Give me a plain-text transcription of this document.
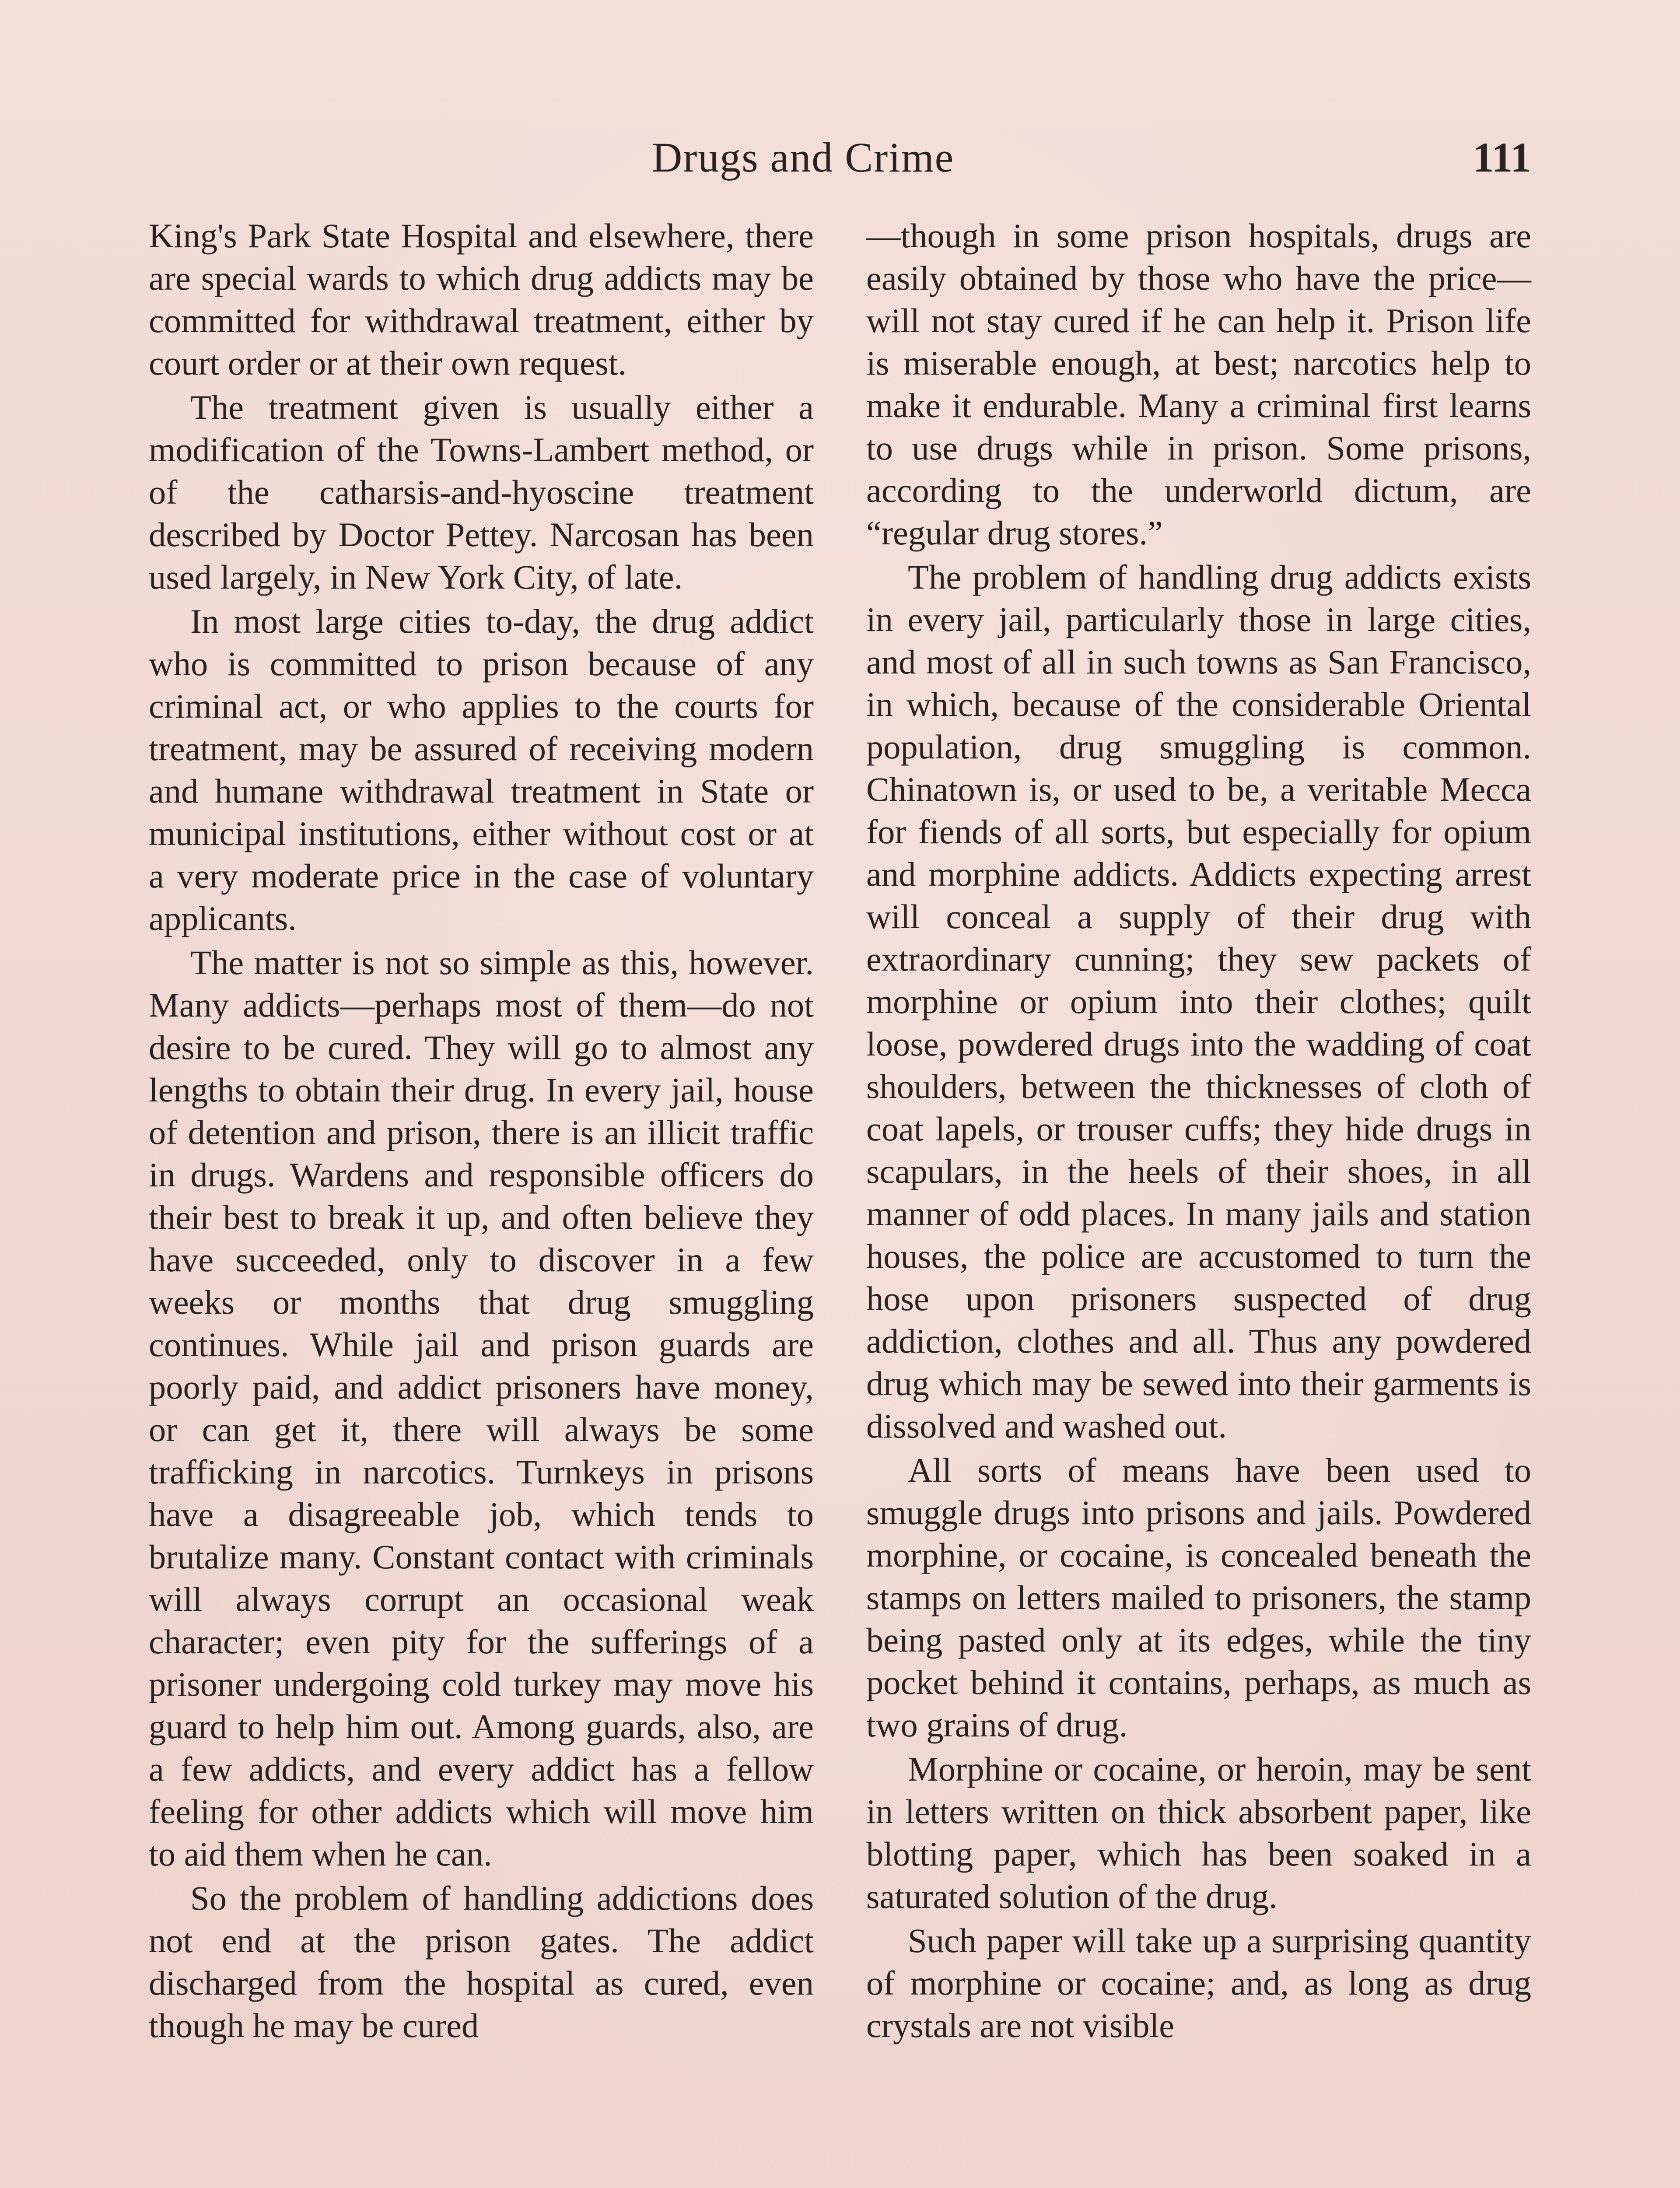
Drugs and Crime	111

King's Park State Hospital and elsewhere, there are special wards to which drug addicts may be committed for withdrawal treatment, either by court order or at their own request.

The treatment given is usually either a modification of the Towns-Lambert method, or of the catharsis-and-hyoscine treatment described by Doctor Pettey. Narcosan has been used largely, in New York City, of late.

In most large cities to-day, the drug addict who is committed to prison because of any criminal act, or who applies to the courts for treatment, may be assured of receiving modern and humane withdrawal treatment in State or municipal institutions, either without cost or at a very moderate price in the case of voluntary applicants.

The matter is not so simple as this, however. Many addicts—perhaps most of them—do not desire to be cured. They will go to almost any lengths to obtain their drug. In every jail, house of detention and prison, there is an illicit traffic in drugs. Wardens and responsible officers do their best to break it up, and often believe they have succeeded, only to discover in a few weeks or months that drug smuggling continues. While jail and prison guards are poorly paid, and addict prisoners have money, or can get it, there will always be some trafficking in narcotics. Turnkeys in prisons have a disagreeable job, which tends to brutalize many. Constant contact with criminals will always corrupt an occasional weak character; even pity for the sufferings of a prisoner undergoing cold turkey may move his guard to help him out. Among guards, also, are a few addicts, and every addict has a fellow feeling for other addicts which will move him to aid them when he can.

So the problem of handling addictions does not end at the prison gates. The addict discharged from the hospital as cured, even though he may be cured

—though in some prison hospitals, drugs are easily obtained by those who have the price—will not stay cured if he can help it. Prison life is miserable enough, at best; narcotics help to make it endurable. Many a criminal first learns to use drugs while in prison. Some prisons, according to the underworld dictum, are “regular drug stores.”

The problem of handling drug addicts exists in every jail, particularly those in large cities, and most of all in such towns as San Francisco, in which, because of the considerable Oriental population, drug smuggling is common. Chinatown is, or used to be, a veritable Mecca for fiends of all sorts, but especially for opium and morphine addicts. Addicts expecting arrest will conceal a supply of their drug with extraordinary cunning; they sew packets of morphine or opium into their clothes; quilt loose, powdered drugs into the wadding of coat shoulders, between the thicknesses of cloth of coat lapels, or trouser cuffs; they hide drugs in scapulars, in the heels of their shoes, in all manner of odd places. In many jails and station houses, the police are accustomed to turn the hose upon prisoners suspected of drug addiction, clothes and all. Thus any powdered drug which may be sewed into their garments is dissolved and washed out.

All sorts of means have been used to smuggle drugs into prisons and jails. Powdered morphine, or cocaine, is concealed beneath the stamps on letters mailed to prisoners, the stamp being pasted only at its edges, while the tiny pocket behind it contains, perhaps, as much as two grains of drug.

Morphine or cocaine, or heroin, may be sent in letters written on thick absorbent paper, like blotting paper, which has been soaked in a saturated solution of the drug.

Such paper will take up a surprising quantity of morphine or cocaine; and, as long as drug crystals are not visible
